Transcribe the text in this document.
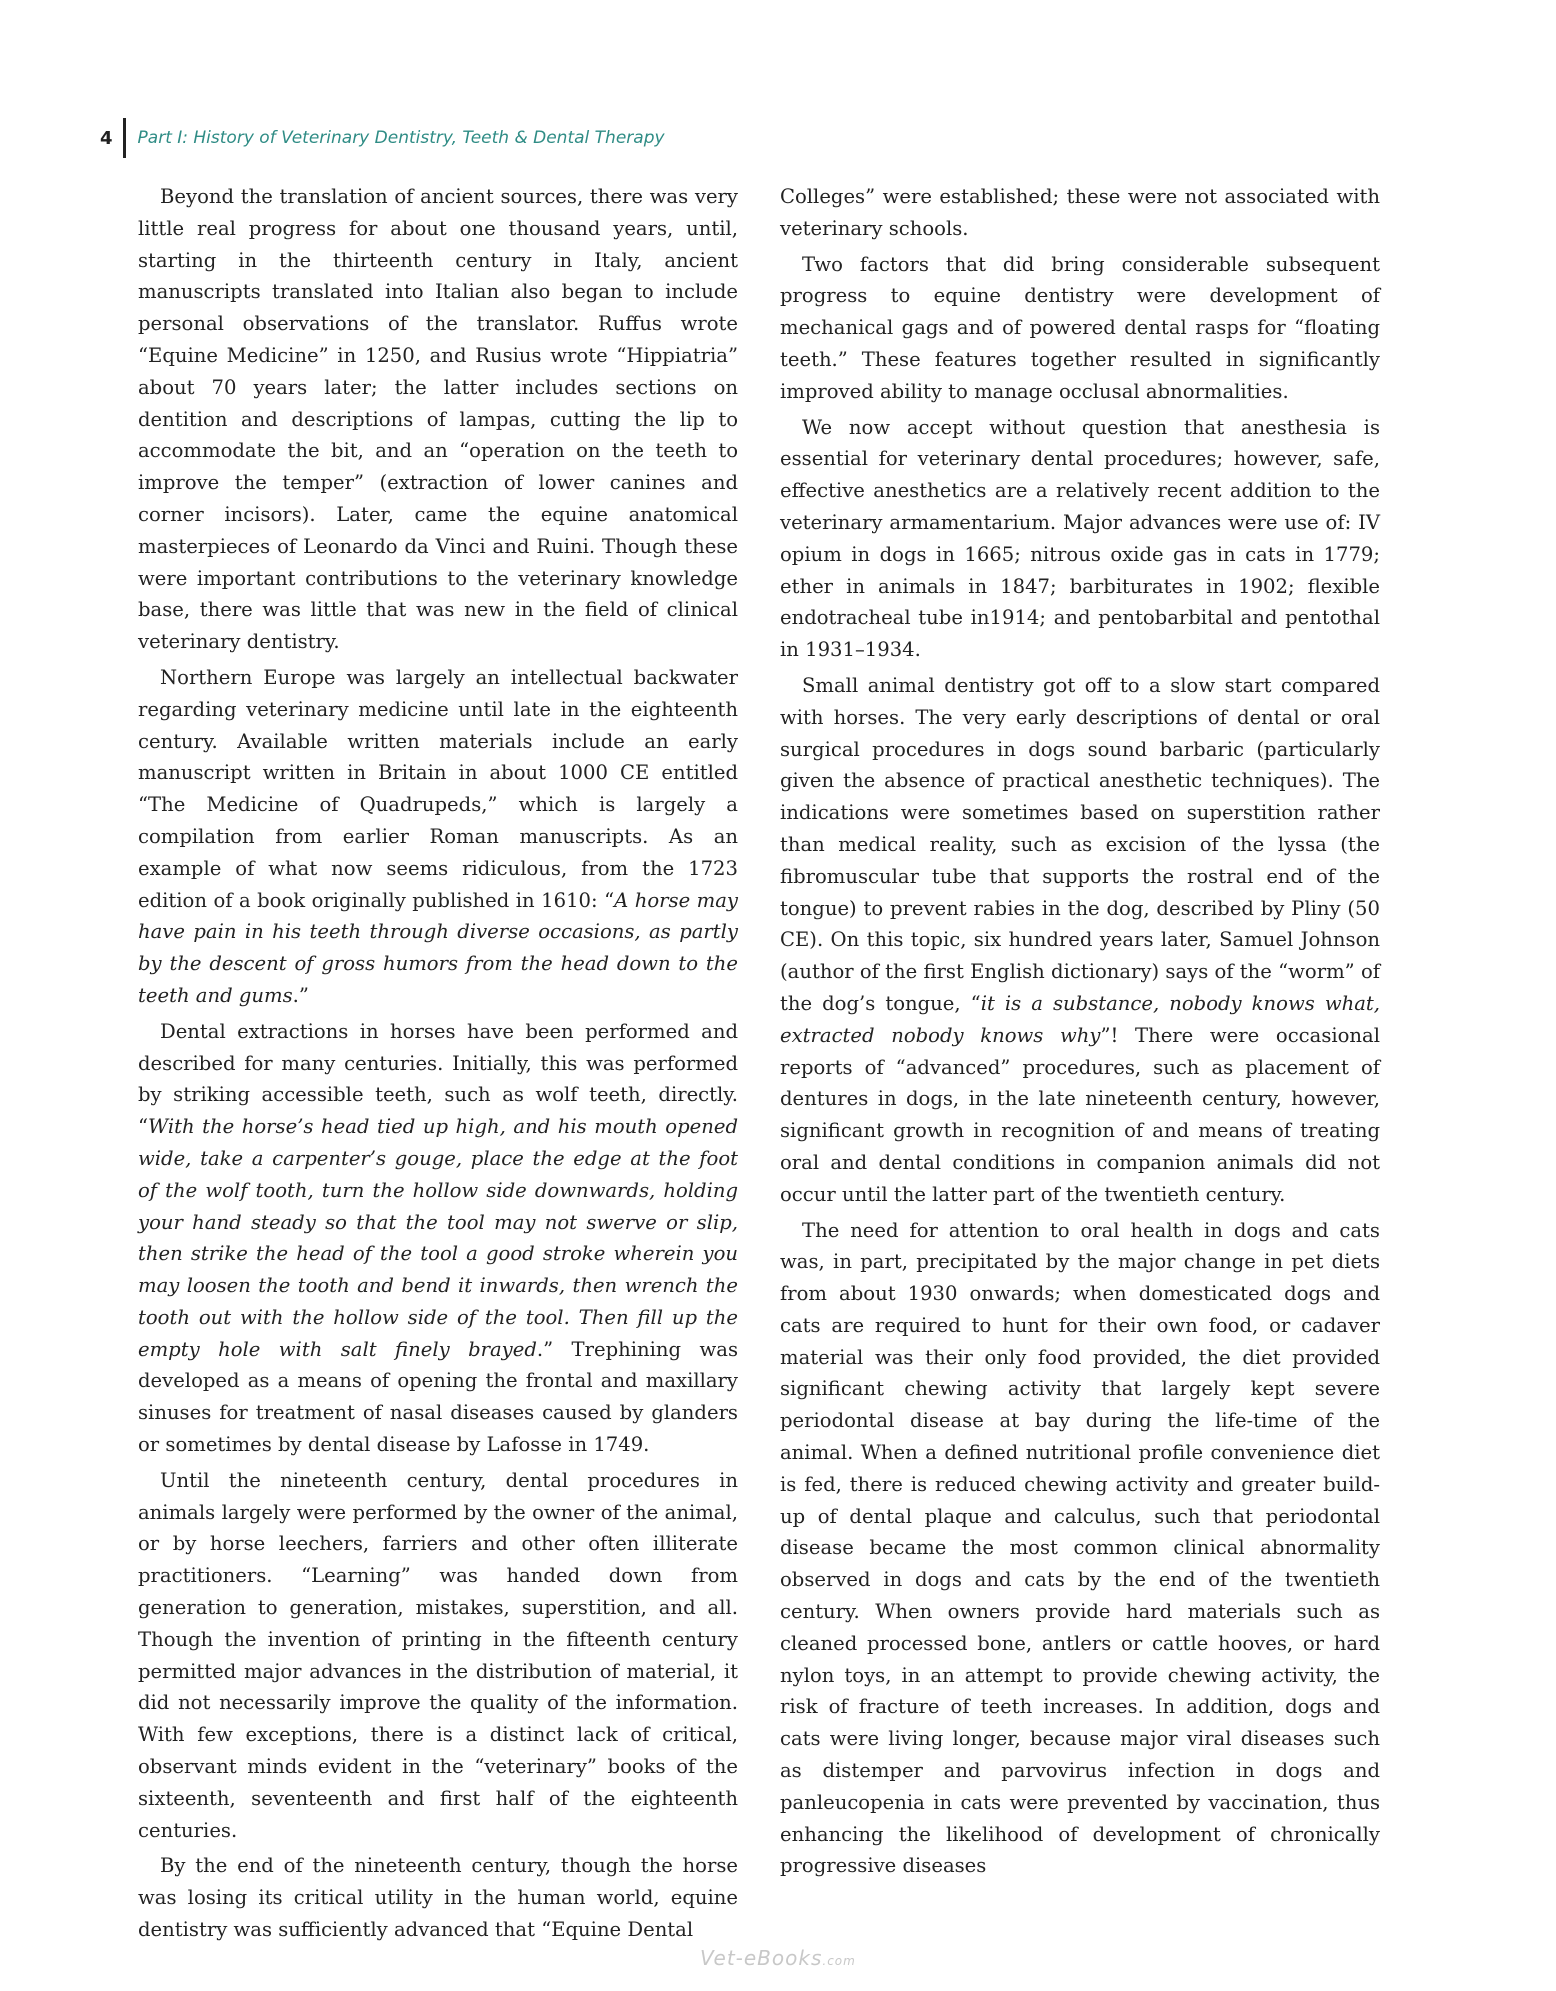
4 Part I: History of Veterinary Dentistry, Teeth & Dental Therapy

Beyond the translation of ancient sources, there was very little real progress for about one thousand years, until, starting in the thirteenth century in Italy, ancient manuscripts translated into Italian also began to include personal observations of the translator. Ruffus wrote “Equine Medicine” in 1250, and Rusius wrote “Hippiatria” about 70 years later; the latter includes sections on dentition and descriptions of lampas, cutting the lip to accommodate the bit, and an “operation on the teeth to improve the temper” (extraction of lower canines and corner incisors). Later, came the equine anatomical masterpieces of Leonardo da Vinci and Ruini. Though these were important contributions to the veterinary knowledge base, there was little that was new in the field of clinical veterinary dentistry.

Northern Europe was largely an intellectual backwater regarding veterinary medicine until late in the eighteenth century. Available written materials include an early manuscript written in Britain in about 1000 CE entitled “The Medicine of Quadrupeds,” which is largely a compilation from earlier Roman manuscripts. As an example of what now seems ridiculous, from the 1723 edition of a book originally published in 1610: “A horse may have pain in his teeth through diverse occasions, as partly by the descent of gross humors from the head down to the teeth and gums.”

Dental extractions in horses have been performed and described for many centuries. Initially, this was performed by striking accessible teeth, such as wolf teeth, directly. “With the horse’s head tied up high, and his mouth opened wide, take a carpenter’s gouge, place the edge at the foot of the wolf tooth, turn the hollow side downwards, holding your hand steady so that the tool may not swerve or slip, then strike the head of the tool a good stroke wherein you may loosen the tooth and bend it inwards, then wrench the tooth out with the hollow side of the tool. Then fill up the empty hole with salt finely brayed.” Trephining was developed as a means of opening the frontal and maxillary sinuses for treatment of nasal diseases caused by glanders or sometimes by dental disease by Lafosse in 1749.

Until the nineteenth century, dental procedures in animals largely were performed by the owner of the animal, or by horse leechers, farriers and other often illiterate practitioners. “Learning” was handed down from generation to generation, mistakes, superstition, and all. Though the invention of printing in the fifteenth century permitted major advances in the distribution of material, it did not necessarily improve the quality of the information. With few exceptions, there is a distinct lack of critical, observant minds evident in the “veterinary” books of the sixteenth, seventeenth and first half of the eighteenth centuries.

By the end of the nineteenth century, though the horse was losing its critical utility in the human world, equine dentistry was sufficiently advanced that “Equine Dental

Colleges” were established; these were not associated with veterinary schools.

Two factors that did bring considerable subsequent progress to equine dentistry were development of mechanical gags and of powered dental rasps for “floating teeth.” These features together resulted in significantly improved ability to manage occlusal abnormalities.

We now accept without question that anesthesia is essential for veterinary dental procedures; however, safe, effective anesthetics are a relatively recent addition to the veterinary armamentarium. Major advances were use of: IV opium in dogs in 1665; nitrous oxide gas in cats in 1779; ether in animals in 1847; barbiturates in 1902; flexible endotracheal tube in1914; and pentobarbital and pentothal in 1931–1934.

Small animal dentistry got off to a slow start compared with horses. The very early descriptions of dental or oral surgical procedures in dogs sound barbaric (particularly given the absence of practical anesthetic techniques). The indications were sometimes based on superstition rather than medical reality, such as excision of the lyssa (the fibromuscular tube that supports the rostral end of the tongue) to prevent rabies in the dog, described by Pliny (50 CE). On this topic, six hundred years later, Samuel Johnson (author of the first English dictionary) says of the “worm” of the dog’s tongue, “it is a substance, nobody knows what, extracted nobody knows why”! There were occasional reports of “advanced” procedures, such as placement of dentures in dogs, in the late nineteenth century, however, significant growth in recognition of and means of treating oral and dental conditions in companion animals did not occur until the latter part of the twentieth century.

The need for attention to oral health in dogs and cats was, in part, precipitated by the major change in pet diets from about 1930 onwards; when domesticated dogs and cats are required to hunt for their own food, or cadaver material was their only food provided, the diet provided significant chewing activity that largely kept severe periodontal disease at bay during the life-time of the animal. When a defined nutritional profile convenience diet is fed, there is reduced chewing activity and greater build-up of dental plaque and calculus, such that periodontal disease became the most common clinical abnormality observed in dogs and cats by the end of the twentieth century. When owners provide hard materials such as cleaned processed bone, antlers or cattle hooves, or hard nylon toys, in an attempt to provide chewing activity, the risk of fracture of teeth increases. In addition, dogs and cats were living longer, because major viral diseases such as distemper and parvovirus infection in dogs and panleucopenia in cats were prevented by vaccination, thus enhancing the likelihood of development of chronically progressive diseases

Vet-eBooks.com
